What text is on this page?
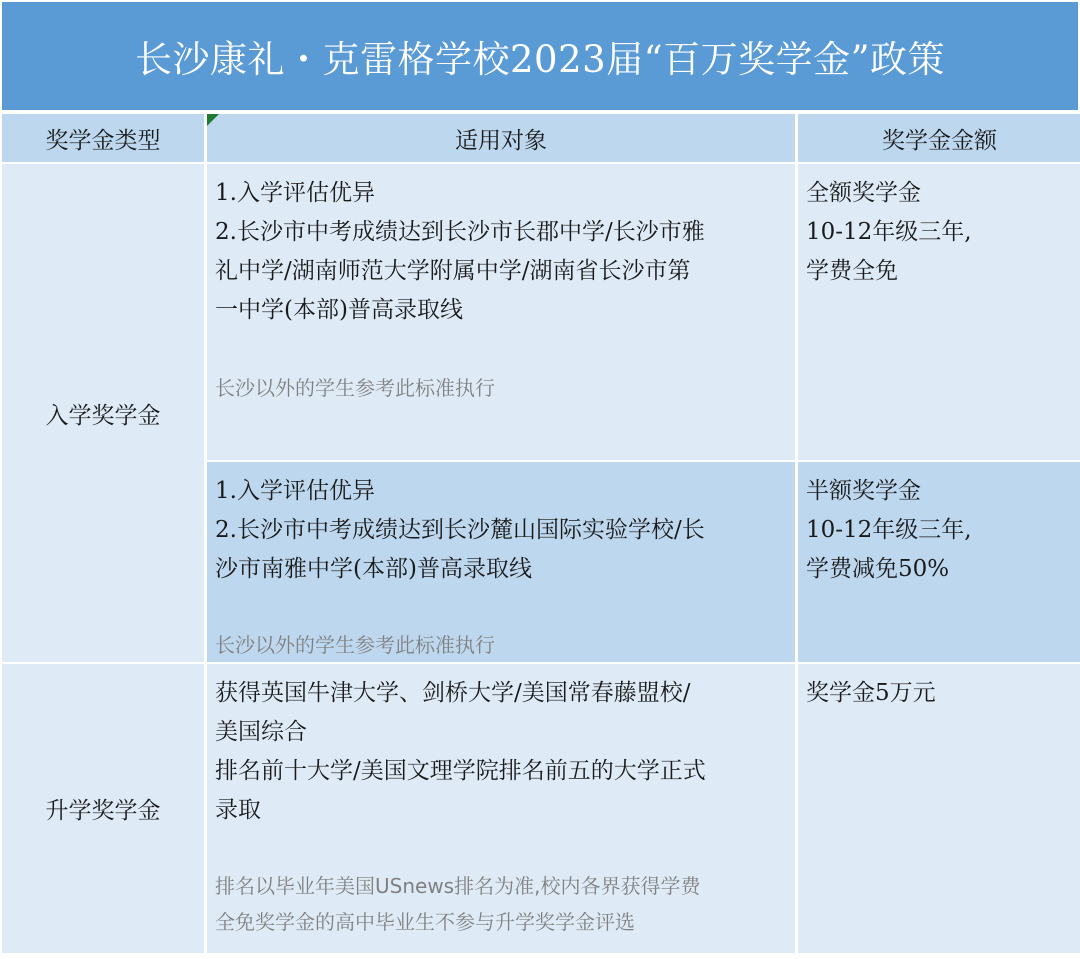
长沙康礼・克雷格学校2023届“百万奖学金”政策
奖学金类型	适用对象	奖学金金额
入学奖学金
1.入学评估优异
2.长沙市中考成绩达到长沙市长郡中学/长沙市雅
礼中学/湖南师范大学附属中学/湖南省长沙市第
一中学(本部)普高录取线
长沙以外的学生参考此标准执行
全额奖学金
10-12年级三年,
学费全免
1.入学评估优异
2.长沙市中考成绩达到长沙麓山国际实验学校/长
沙市南雅中学(本部)普高录取线
长沙以外的学生参考此标准执行
半额奖学金
10-12年级三年,
学费减免50%
升学奖学金
获得英国牛津大学、剑桥大学/美国常春藤盟校/
美国综合
排名前十大学/美国文理学院排名前五的大学正式
录取
排名以毕业年美国USnews排名为准,校内各界获得学费
全免奖学金的高中毕业生不参与升学奖学金评选
奖学金5万元
